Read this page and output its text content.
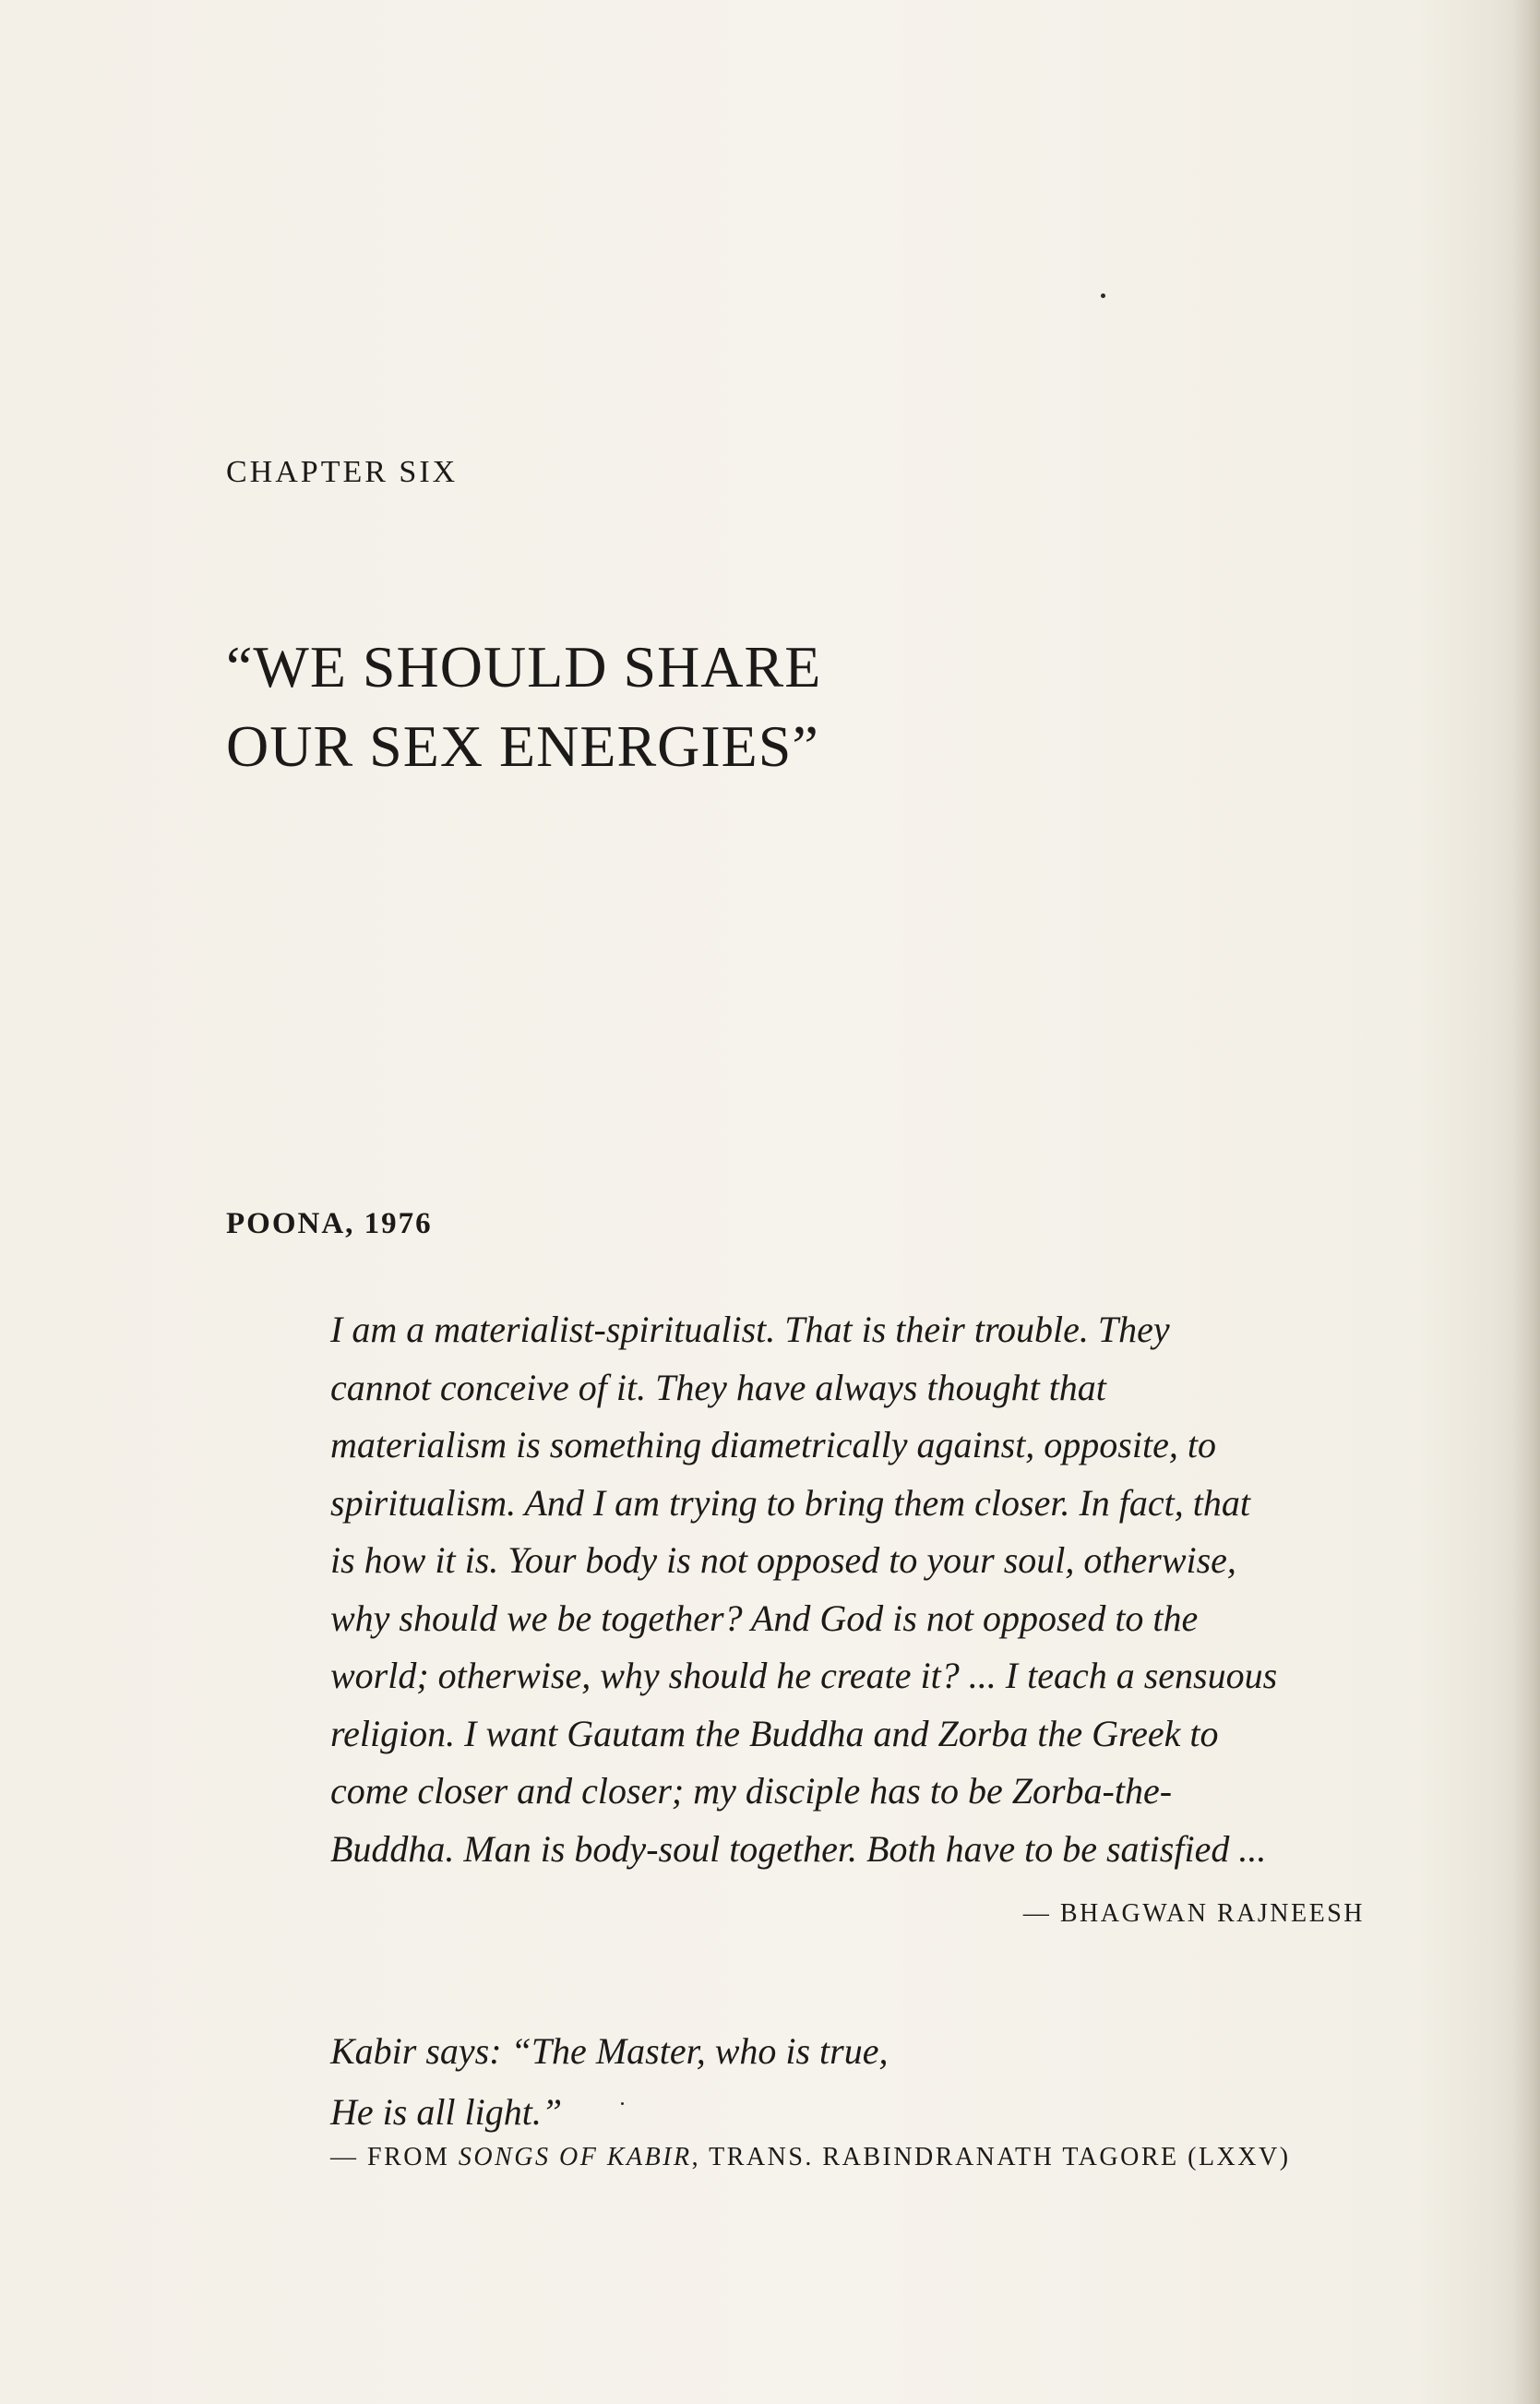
CHAPTER SIX
“WE SHOULD SHARE
OUR SEX ENERGIES”
POONA, 1976
I am a materialist-spiritualist. That is their trouble. They
cannot conceive of it. They have always thought that
materialism is something diametrically against, opposite, to
spiritualism. And I am trying to bring them closer. In fact, that
is how it is. Your body is not opposed to your soul, otherwise,
why should we be together? And God is not opposed to the
world; otherwise, why should he create it? ... I teach a sensuous
religion. I want Gautam the Buddha and Zorba the Greek to
come closer and closer; my disciple has to be Zorba-the-
Buddha. Man is body-soul together. Both have to be satisfied ...
— BHAGWAN RAJNEESH
Kabir says: “The Master, who is true,
He is all light.”
— FROM SONGS OF KABIR, TRANS. RABINDRANATH TAGORE (LXXV)
